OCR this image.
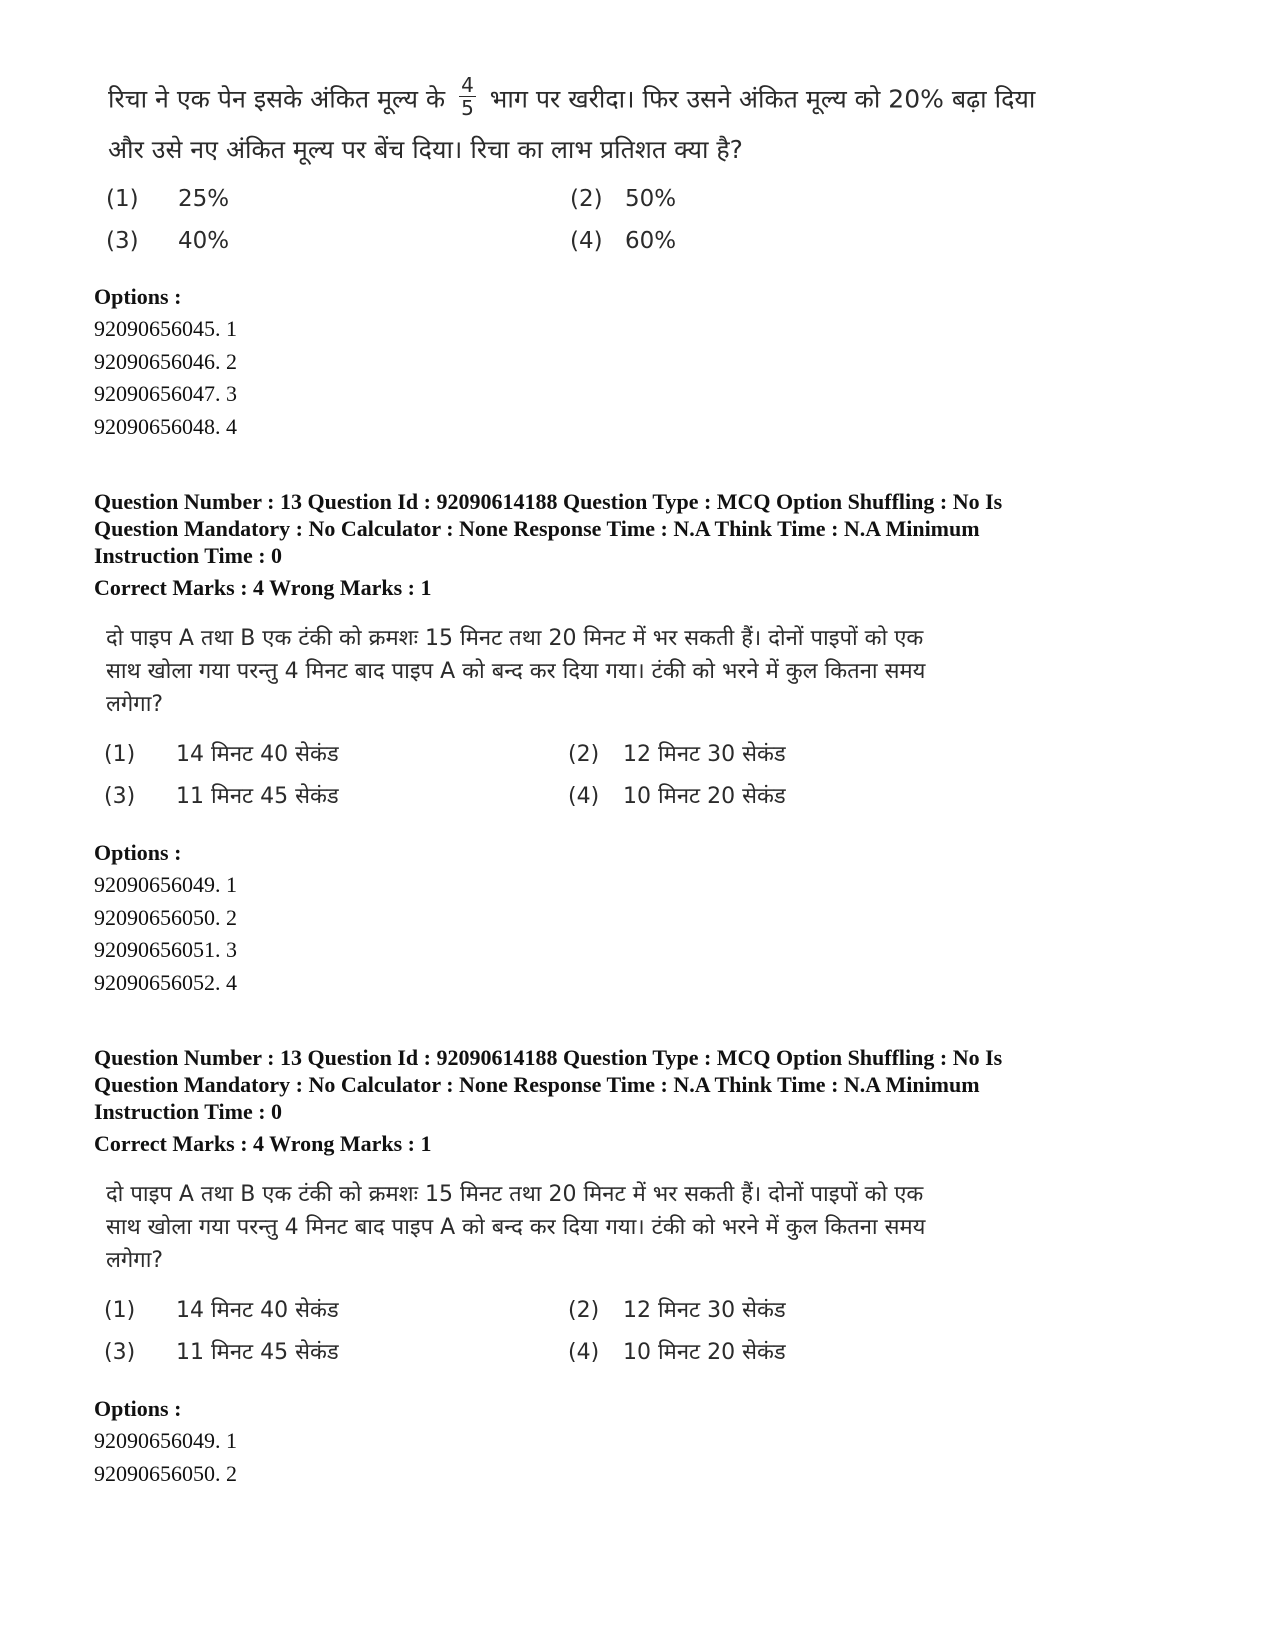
रिचा ने एक पेन इसके अंकित मूल्य के $\frac{4}{5}$ भाग पर खरीदा। फिर उसने अंकित मूल्य को 20% बढ़ा दिया
और उसे नए अंकित मूल्य पर बेंच दिया। रिचा का लाभ प्रतिशत क्या है?
(1) 25%	(2) 50%
(3) 40%	(4) 60%
Options :
92090656045. 1
92090656046. 2
92090656047. 3
92090656048. 4
Question Number : 13 Question Id : 92090614188 Question Type : MCQ Option Shuffling : No Is
Question Mandatory : No Calculator : None Response Time : N.A Think Time : N.A Minimum
Instruction Time : 0
Correct Marks : 4 Wrong Marks : 1
दो पाइप A तथा B एक टंकी को क्रमशः 15 मिनट तथा 20 मिनट में भर सकती हैं। दोनों पाइपों को एक
साथ खोला गया परन्तु 4 मिनट बाद पाइप A को बन्द कर दिया गया। टंकी को भरने में कुल कितना समय
लगेगा?
(1) 14 मिनट 40 सेकंड	(2) 12 मिनट 30 सेकंड
(3) 11 मिनट 45 सेकंड	(4) 10 मिनट 20 सेकंड
Options :
92090656049. 1
92090656050. 2
92090656051. 3
92090656052. 4
Question Number : 13 Question Id : 92090614188 Question Type : MCQ Option Shuffling : No Is
Question Mandatory : No Calculator : None Response Time : N.A Think Time : N.A Minimum
Instruction Time : 0
Correct Marks : 4 Wrong Marks : 1
दो पाइप A तथा B एक टंकी को क्रमशः 15 मिनट तथा 20 मिनट में भर सकती हैं। दोनों पाइपों को एक
साथ खोला गया परन्तु 4 मिनट बाद पाइप A को बन्द कर दिया गया। टंकी को भरने में कुल कितना समय
लगेगा?
(1) 14 मिनट 40 सेकंड	(2) 12 मिनट 30 सेकंड
(3) 11 मिनट 45 सेकंड	(4) 10 मिनट 20 सेकंड
Options :
92090656049. 1
92090656050. 2
